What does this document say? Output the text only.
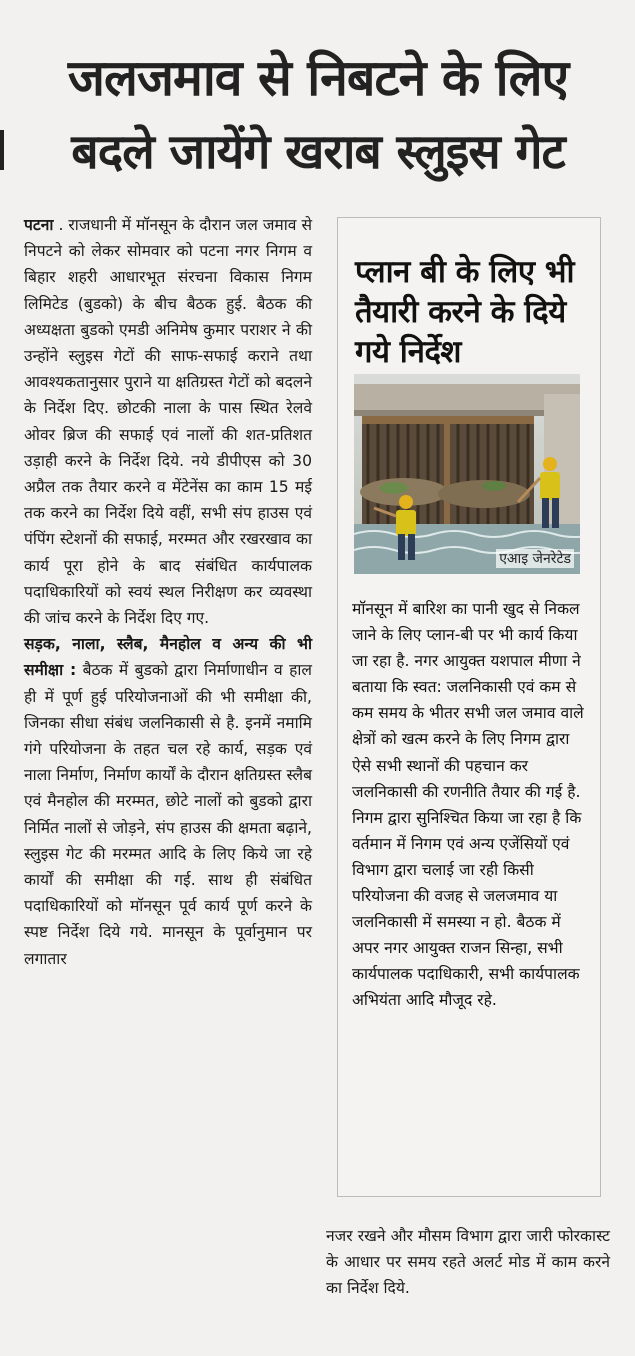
जलजमाव से निबटने के लिए
बदले जायेंगे खराब स्लुइस गेट

पटना . राजधानी में मॉनसून के दौरान जल जमाव से निपटने को लेकर सोमवार को पटना नगर निगम व बिहार शहरी आधारभूत संरचना विकास निगम लिमिटेड (बुडको) के बीच बैठक हुई. बैठक की अध्यक्षता बुडको एमडी अनिमेष कुमार पराशर ने की उन्होंने स्लुइस गेटों की साफ-सफाई कराने तथा आवश्यकतानुसार पुराने या क्षतिग्रस्त गेटों को बदलने के निर्देश दिए. छोटकी नाला के पास स्थित रेलवे ओवर ब्रिज की सफाई एवं नालों की शत-प्रतिशत उड़ाही करने के निर्देश दिये. नये डीपीएस को 30 अप्रैल तक तैयार करने व मेंटेनेंस का काम 15 मई तक करने का निर्देश दिये वहीं, सभी संप हाउस एवं पंपिंग स्टेशनों की सफाई, मरम्मत और रखरखाव का कार्य पूरा होने के बाद संबंधित कार्यपालक पदाधिकारियों को स्वयं स्थल निरीक्षण कर व्यवस्था की जांच करने के निर्देश दिए गए.

सड़क, नाला, स्लैब, मैनहोल व अन्य की भी समीक्षा : बैठक में बुडको द्वारा निर्माणाधीन व हाल ही में पूर्ण हुई परियोजनाओं की भी समीक्षा की, जिनका सीधा संबंध जलनिकासी से है. इनमें नमामि गंगे परियोजना के तहत चल रहे कार्य, सड़क एवं नाला निर्माण, निर्माण कार्यों के दौरान क्षतिग्रस्त स्लैब एवं मैनहोल की मरम्मत, छोटे नालों को बुडको द्वारा निर्मित नालों से जोड़ने, संप हाउस की क्षमता बढ़ाने, स्लुइस गेट की मरम्मत आदि के लिए किये जा रहे कार्यों की समीक्षा की गई. साथ ही संबंधित पदाधिकारियों को मॉनसून पूर्व कार्य पूर्ण करने के स्पष्ट निर्देश दिये गये. मानसून के पूर्वानुमान पर लगातार

प्लान बी के लिए भी तैयारी करने के दिये गये निर्देश
एआइ जेनरेटेड
मॉनसून में बारिश का पानी खुद से निकल जाने के लिए प्लान-बी पर भी कार्य किया जा रहा है. नगर आयुक्त यशपाल मीणा ने बताया कि स्वत: जलनिकासी एवं कम से कम समय के भीतर सभी जल जमाव वाले क्षेत्रों को खत्म करने के लिए निगम द्वारा ऐसे सभी स्थानों की पहचान कर जलनिकासी की रणनीति तैयार की गई है. निगम द्वारा सुनिश्चित किया जा रहा है कि वर्तमान में निगम एवं अन्य एजेंसियों एवं विभाग द्वारा चलाई जा रही किसी परियोजना की वजह से जलजमाव या जलनिकासी में समस्या न हो. बैठक में अपर नगर आयुक्त राजन सिन्हा, सभी कार्यपालक पदाधिकारी, सभी कार्यपालक अभियंता आदि मौजूद रहे.
नजर रखने और मौसम विभाग द्वारा जारी फोरकास्ट के आधार पर समय रहते अलर्ट मोड में काम करने का निर्देश दिये.
